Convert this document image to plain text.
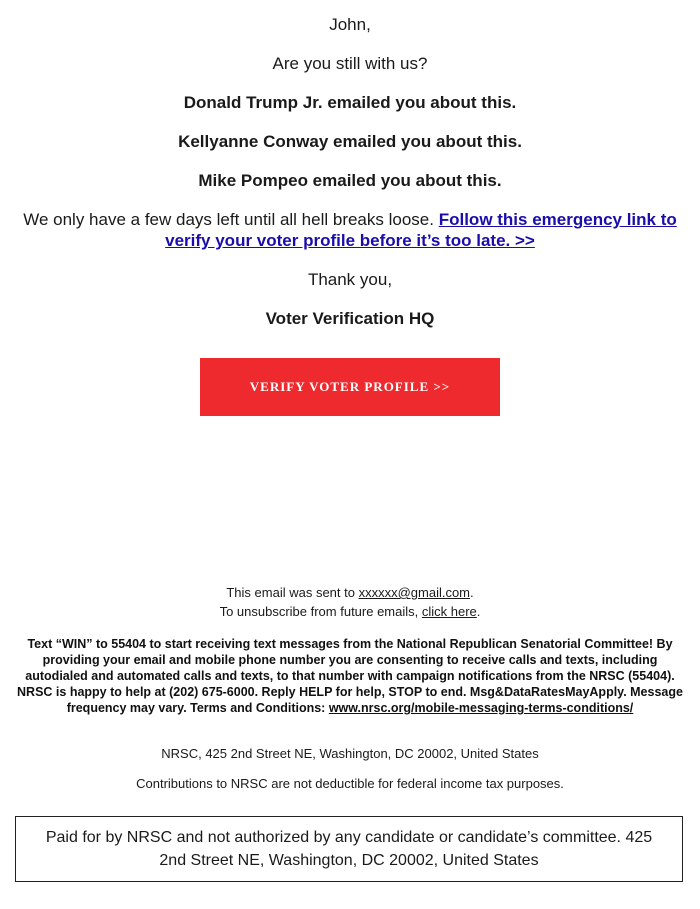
John,

Are you still with us?

Donald Trump Jr. emailed you about this.

Kellyanne Conway emailed you about this.

Mike Pompeo emailed you about this.

We only have a few days left until all hell breaks loose. Follow this emergency link to verify your voter profile before it’s too late. >>

Thank you,

Voter Verification HQ

VERIFY VOTER PROFILE >>
This email was sent to xxxxxx@gmail.com.
To unsubscribe from future emails, click here.
Text “WIN” to 55404 to start receiving text messages from the National Republican Senatorial Committee! By providing your email and mobile phone number you are consenting to receive calls and texts, including autodialed and automated calls and texts, to that number with campaign notifications from the NRSC (55404). NRSC is happy to help at (202) 675-6000. Reply HELP for help, STOP to end. Msg&DataRatesMayApply. Message frequency may vary. Terms and Conditions: www.nrsc.org/mobile-messaging-terms-conditions/
NRSC, 425 2nd Street NE, Washington, DC 20002, United States
Contributions to NRSC are not deductible for federal income tax purposes.
Paid for by NRSC and not authorized by any candidate or candidate’s committee. 425 2nd Street NE, Washington, DC 20002, United States
